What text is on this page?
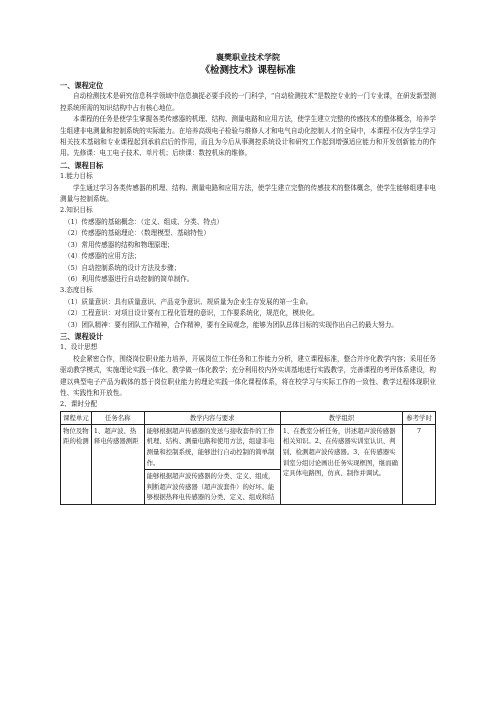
襄樊职业技术学院

《检测技术》课程标准

一、课程定位

自动检测技术是研究信息科学领域中信息摘捉必要手段的一门科学，“自动检测技术”是数控专业的一门专业课，在研发新型测控系统所需的知识结构中占有核心地位。

本课程的任务是使学生掌握各类传感器的机理、结构、测量电路和应用方法，使学生建立完整的传感技术的整体概念，培养学生组建非电测量和控制系统的实际能力。在培养高级电子检验与维修人才和电气自动化控制人才的全局中，本课程不仅为学生学习相关技术基础和专业课程起到承前启后的作用，而且为今后从事测控系统设计和研究工作起到增强适应能力和开发创新能力的作用。先修课：电工电子技术、单片机；后续课：数控机床的维修。

二、课程目标

1.能力目标

学生通过学习各类传感器的机理、结构、测量电路和应用方法，使学生建立完整的传感技术的整体概念，使学生能够组建非电测量与控制系统。

2.知识目标

（1）传感器的基础概念：（定义、组成、分类、特点）

（2）传感器的基础理论：（数理模型、基础特性）

（3）常用传感器的结构和物理原理；

（4）传感器的应用方法；

（5）自动控制系统的设计方法及步骤；

（6）利用传感器进行自动控制的简单制作。

3.态度目标

（1）质量意识：具有质量意识、产品竞争意识、规质量为企业生存发展的第一生命。

（2）工程意识：对项目设计要有工程化管理的意识，工作要系统化，规范化，模块化。

（3）团队精神：要有团队工作精神，合作精神，要有全局观念，能够为团队总体目标的实现作出自己的最大努力。

三、课程设计

1、设计思想

校企紧密合作，围绕岗位职业能力培养，开展岗位工作任务和工作能力分析，建立课程标准，整合并序化教学内容；采用任务驱动教学模式，实施理论实践一体化、教学做一体化教学；充分利用校内外实训基地进行实践教学，完善课程的考评体系建设，构建以典型电子产品为载体的基于岗位职业能力的理论实践一体化课程体系，将在校学习与实际工作的一致性、教学过程体现职业性、实践性和开放性。

2、课时分配

课程单元	任务名称	教学内容与要求	教学组织	参考学时
物位及物距的检测	1、超声波、热释电传感器测距	能够根据超声传感器的发送与接收套件的工作机理、结构、测量电路和使用方法，组建非电测量和控制系统，能够进行自动控制的简单制作。	1、在教室分析任务，讲述超声波传感器相关知识。2、在传感器实训室认识、判别、检测超声波传感器。3、在传感器实训室分组讨论画出任务实现框图，继而确定具体电路图，仿真、制作并调试。	7
		能够根据超声波传感器的分类、定义、组成，判断超声波传感器（超声波套件）的好坏。能够根据热释电传感器的分类、定义、组成和结		
